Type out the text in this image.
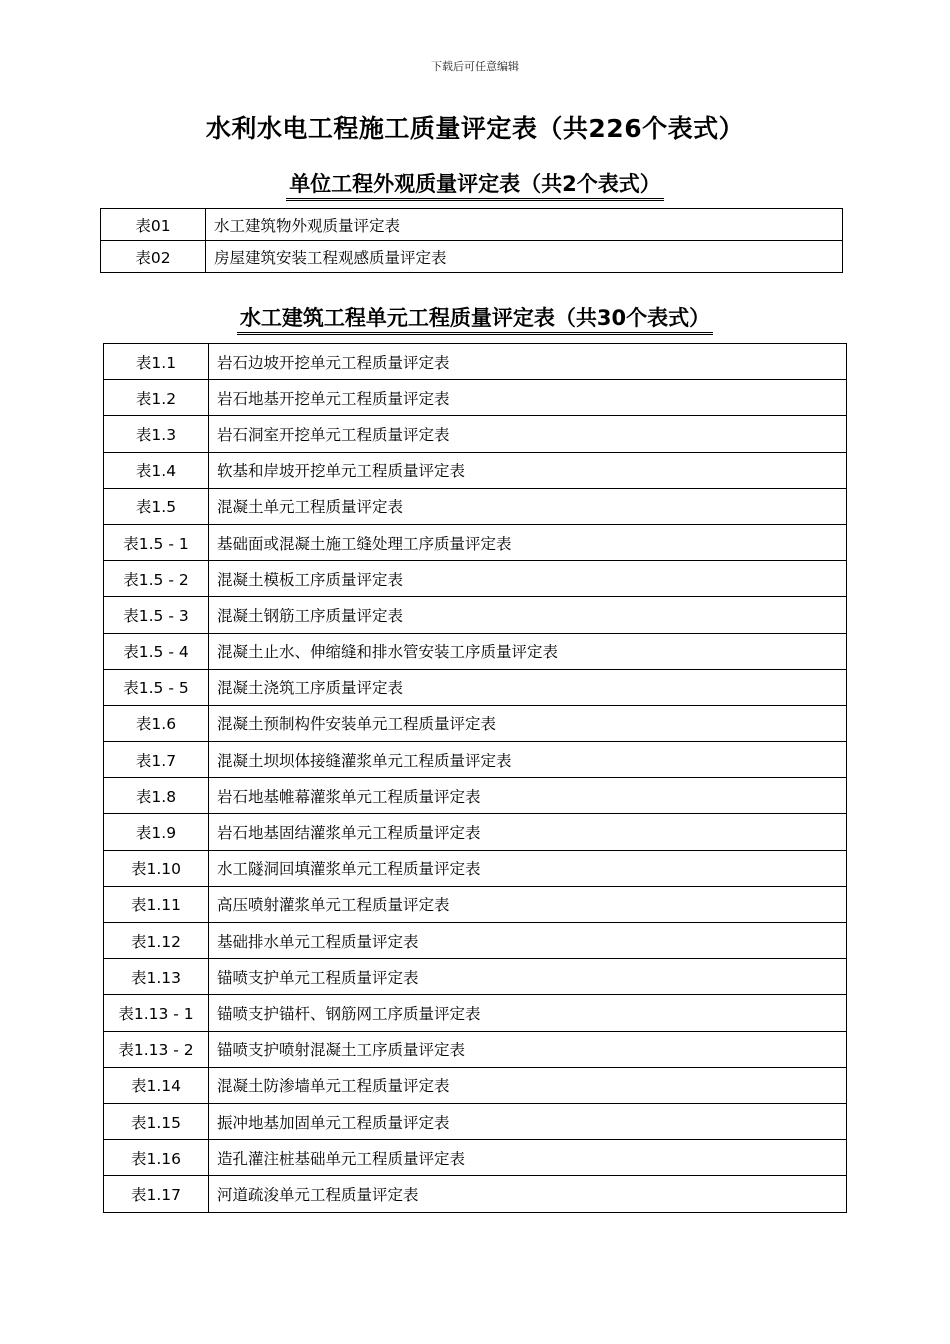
下载后可任意编辑
水利水电工程施工质量评定表（共226个表式）
单位工程外观质量评定表（共2个表式）
表01	水工建筑物外观质量评定表
表02	房屋建筑安装工程观感质量评定表
水工建筑工程单元工程质量评定表（共30个表式）
表1.1	岩石边坡开挖单元工程质量评定表
表1.2	岩石地基开挖单元工程质量评定表
表1.3	岩石洞室开挖单元工程质量评定表
表1.4	软基和岸坡开挖单元工程质量评定表
表1.5	混凝土单元工程质量评定表
表1.5 - 1	基础面或混凝土施工缝处理工序质量评定表
表1.5 - 2	混凝土模板工序质量评定表
表1.5 - 3	混凝土钢筋工序质量评定表
表1.5 - 4	混凝土止水、伸缩缝和排水管安装工序质量评定表
表1.5 - 5	混凝土浇筑工序质量评定表
表1.6	混凝土预制构件安装单元工程质量评定表
表1.7	混凝土坝坝体接缝灌浆单元工程质量评定表
表1.8	岩石地基帷幕灌浆单元工程质量评定表
表1.9	岩石地基固结灌浆单元工程质量评定表
表1.10	水工隧洞回填灌浆单元工程质量评定表
表1.11	高压喷射灌浆单元工程质量评定表
表1.12	基础排水单元工程质量评定表
表1.13	锚喷支护单元工程质量评定表
表1.13 - 1	锚喷支护锚杆、钢筋网工序质量评定表
表1.13 - 2	锚喷支护喷射混凝土工序质量评定表
表1.14	混凝土防渗墙单元工程质量评定表
表1.15	振冲地基加固单元工程质量评定表
表1.16	造孔灌注桩基础单元工程质量评定表
表1.17	河道疏浚单元工程质量评定表
